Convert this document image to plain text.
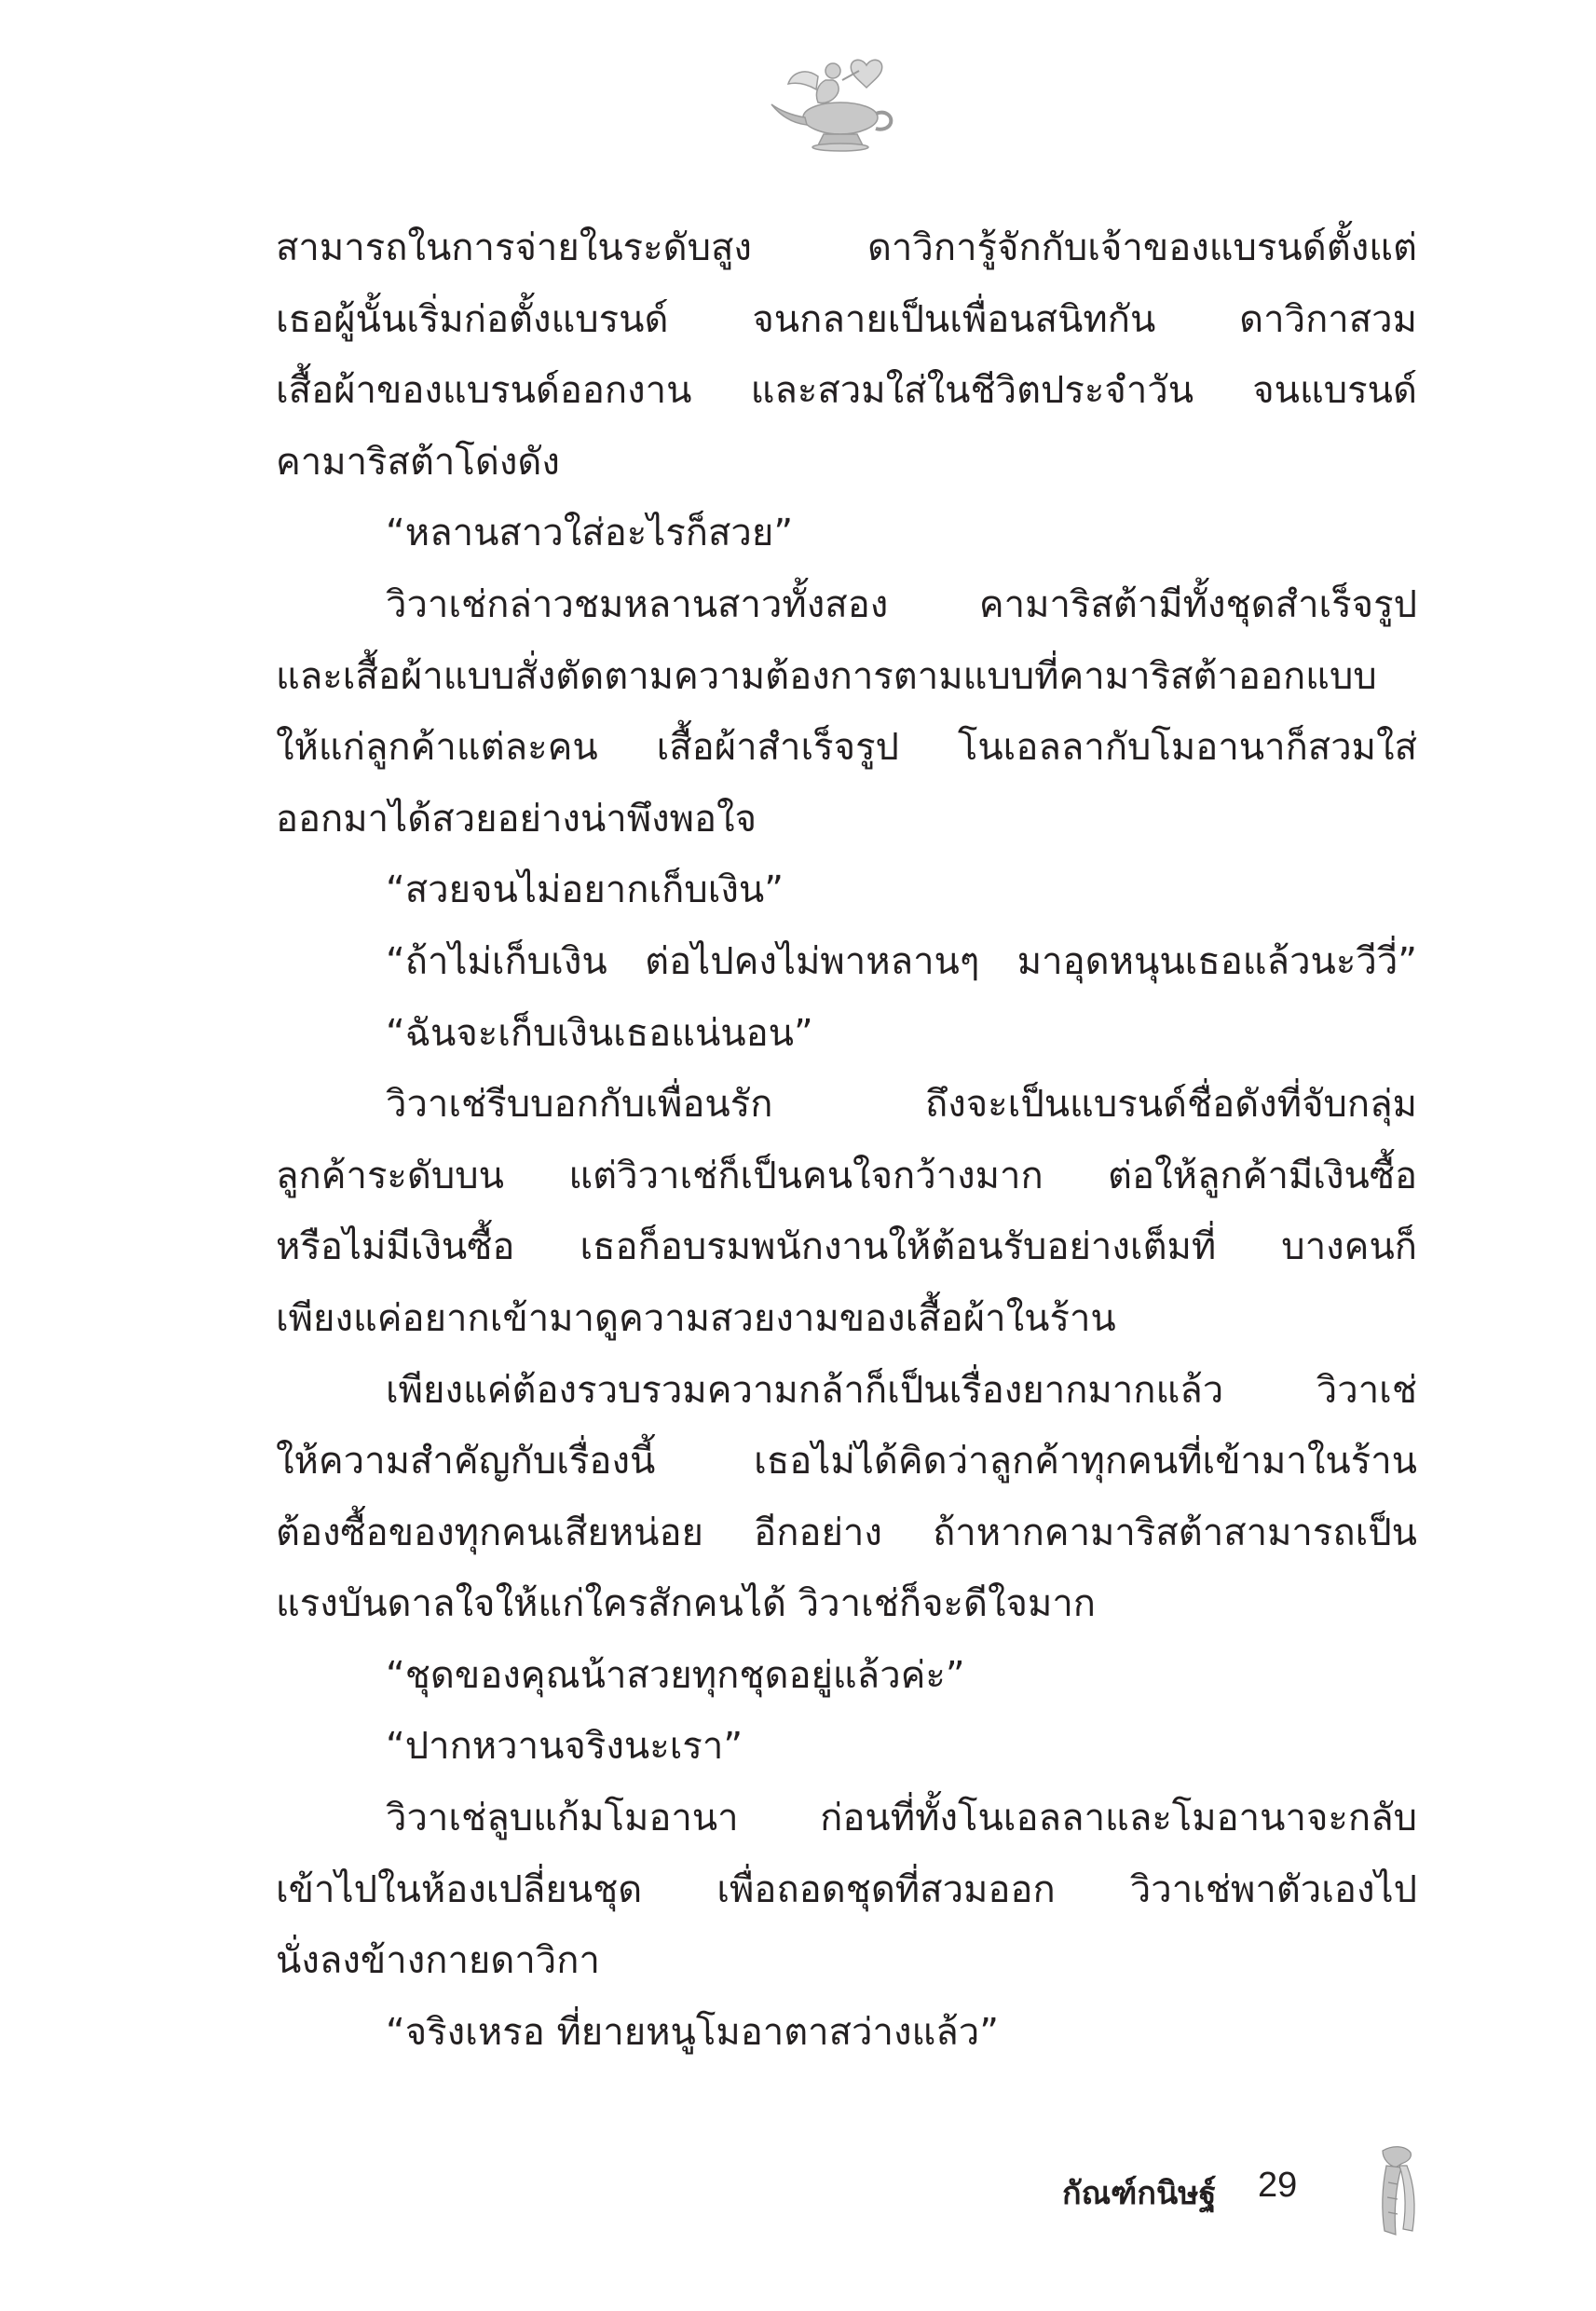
สามารถในการจ่ายในระดับสูง ดาวิการู้จักกับเจ้าของแบรนด์ตั้งแต่
เธอผู้นั้นเริ่มก่อตั้งแบรนด์ จนกลายเป็นเพื่อนสนิทกัน ดาวิกาสวม
เสื้อผ้าของแบรนด์ออกงาน และสวมใส่ในชีวิตประจำวัน จนแบรนด์
คามาริสต้าโด่งดัง
“หลานสาวใส่อะไรก็สวย”
วิวาเช่กล่าวชมหลานสาวทั้งสอง คามาริสต้ามีทั้งชุดสำเร็จรูป
และเสื้อผ้าแบบสั่งตัดตามความต้องการตามแบบที่คามาริสต้าออกแบบ
ให้แก่ลูกค้าแต่ละคน เสื้อผ้าสำเร็จรูป โนเอลลากับโมอานาก็สวมใส่
ออกมาได้สวยอย่างน่าพึงพอใจ
“สวยจนไม่อยากเก็บเงิน”
“ถ้าไม่เก็บเงิน ต่อไปคงไม่พาหลานๆ มาอุดหนุนเธอแล้วนะวีวี่”
“ฉันจะเก็บเงินเธอแน่นอน”
วิวาเช่รีบบอกกับเพื่อนรัก ถึงจะเป็นแบรนด์ชื่อดังที่จับกลุ่ม
ลูกค้าระดับบน แต่วิวาเช่ก็เป็นคนใจกว้างมาก ต่อให้ลูกค้ามีเงินซื้อ
หรือไม่มีเงินซื้อ เธอก็อบรมพนักงานให้ต้อนรับอย่างเต็มที่ บางคนก็
เพียงแค่อยากเข้ามาดูความสวยงามของเสื้อผ้าในร้าน
เพียงแค่ต้องรวบรวมความกล้าก็เป็นเรื่องยากมากแล้ว วิวาเช่
ให้ความสำคัญกับเรื่องนี้ เธอไม่ได้คิดว่าลูกค้าทุกคนที่เข้ามาในร้าน
ต้องซื้อของทุกคนเสียหน่อย อีกอย่าง ถ้าหากคามาริสต้าสามารถเป็น
แรงบันดาลใจให้แก่ใครสักคนได้ วิวาเช่ก็จะดีใจมาก
“ชุดของคุณน้าสวยทุกชุดอยู่แล้วค่ะ”
“ปากหวานจริงนะเรา”
วิวาเช่ลูบแก้มโมอานา ก่อนที่ทั้งโนเอลลาและโมอานาจะกลับ
เข้าไปในห้องเปลี่ยนชุด เพื่อถอดชุดที่สวมออก วิวาเช่พาตัวเองไป
นั่งลงข้างกายดาวิกา
“จริงเหรอ ที่ยายหนูโมอาตาสว่างแล้ว”
กัณฑ์กนิษฐ์ 29
